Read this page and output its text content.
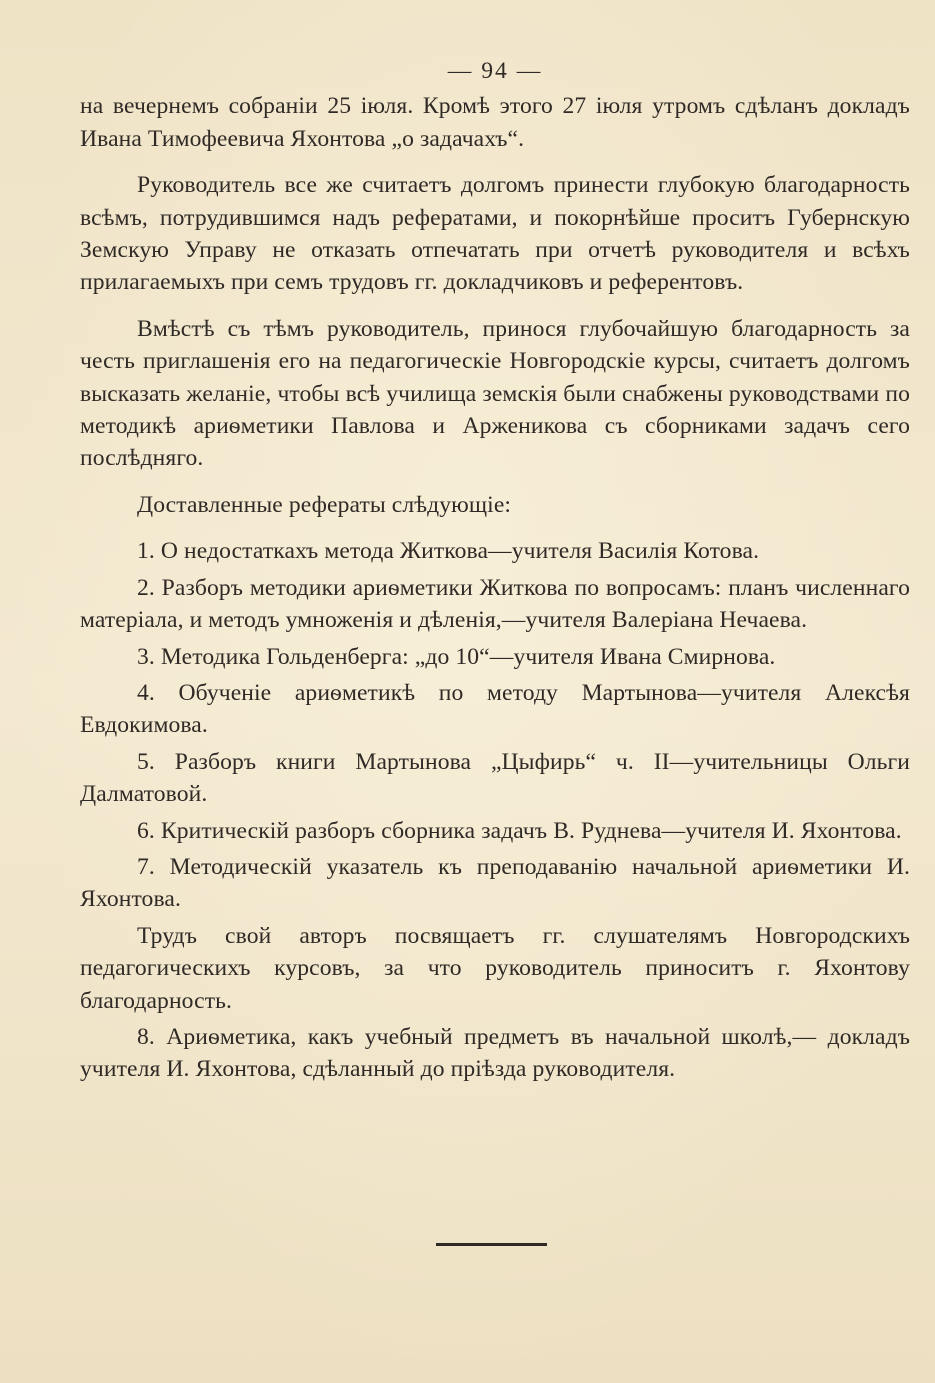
— 94 —

на вечернемъ собраніи 25 іюля. Кромѣ этого 27 іюля утромъ сдѣланъ докладъ Ивана Тимофеевича Яхонтова „о задачахъ“.

Руководитель все же считаетъ долгомъ принести глубокую благодарность всѣмъ, потрудившимся надъ рефератами, и покорнѣйше проситъ Губернскую Земскую Управу не отказать отпечатать при отчетѣ руководителя и всѣхъ прилагаемыхъ при семъ трудовъ гг. докладчиковъ и референтовъ.

Вмѣстѣ съ тѣмъ руководитель, принося глубочайшую благодарность за честь приглашенія его на педагогическіе Новгородскіе курсы, считаетъ долгомъ высказать желаніе, чтобы всѣ училища земскія были снабжены руководствами по методикѣ ариѳметики Павлова и Арженикова съ сборниками задачъ сего послѣдняго.

Доставленные рефераты слѣдующіе:

1. О недостаткахъ метода Житкова—учителя Василія Котова.

2. Разборъ методики ариѳметики Житкова по вопросамъ: планъ численнаго матеріала, и методъ умноженія и дѣленія,—учителя Валеріана Нечаева.

3. Методика Гольденберга: „до 10“—учителя Ивана Смирнова.

4. Обученіе ариѳметикѣ по методу Мартынова—учителя Алексѣя Евдокимова.

5. Разборъ книги Мартынова „Цыфирь“ ч. II—учительницы Ольги Далматовой.

6. Критическій разборъ сборника задачъ В. Руднева—учителя И. Яхонтова.

7. Методическій указатель къ преподаванію начальной ариѳметики И. Яхонтова.

Трудъ свой авторъ посвящаетъ гг. слушателямъ Новгородскихъ педагогическихъ курсовъ, за что руководитель приноситъ г. Яхонтову благодарность.

8. Ариѳметика, какъ учебный предметъ въ начальной школѣ,— докладъ учителя И. Яхонтова, сдѣланный до пріѣзда руководителя.
